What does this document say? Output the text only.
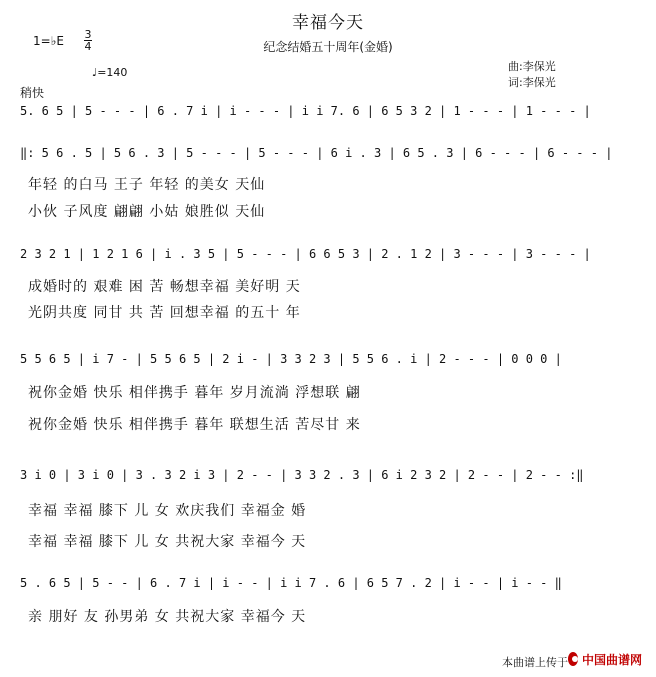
幸福今天
纪念结婚五十周年(金婚)
1=♭E 3
4
♩=140
稍快
曲:李保光
词:李保光
5. 6 5 | 5 - - - | 6 . 7 i | i - - - | i i 7. 6 | 6 5 3 2 | 1 - - - | 1 - - - |
‖: 5 6 . 5 | 5 6 . 3 | 5 - - - | 5 - - - | 6 i . 3 | 6 5 . 3 | 6 - - - | 6 - - - |
年轻 的白马 王子 年轻 的美女 天仙
小伙 子风度 翩翩 小姑 娘胜似 天仙
2 3 2 1 | 1 2 1 6 | i . 3 5 | 5 - - - | 6 6 5 3 | 2 . 1 2 | 3 - - - | 3 - - - |
成婚时的 艰难 困 苦 畅想幸福 美好明 天
光阴共度 同甘 共 苦 回想幸福 的五十 年
5 5 6 5 | i 7 - | 5 5 6 5 | 2 i - | 3 3 2 3 | 5 5 6 . i | 2 - - - | 0 0 0 |
祝你金婚 快乐 相伴携手 暮年 岁月流淌 浮想联 翩
祝你金婚 快乐 相伴携手 暮年 联想生活 苦尽甘 来
3 i 0 | 3 i 0 | 3 . 3 2 i 3 | 2 - - | 3 3 2 . 3 | 6 i 2 3 2 | 2 - - | 2 - - :‖
幸福 幸福 膝下 儿 女 欢庆我们 幸福金 婚
幸福 幸福 膝下 儿 女 共祝大家 幸福今 天
5 . 6 5 | 5 - - | 6 . 7 i | i - - | i i 7 . 6 | 6 5 7 . 2 | i - - | i - - ‖
亲 朋好 友 孙男弟 女 共祝大家 幸福今 天
本曲谱上传于 中国曲谱网
